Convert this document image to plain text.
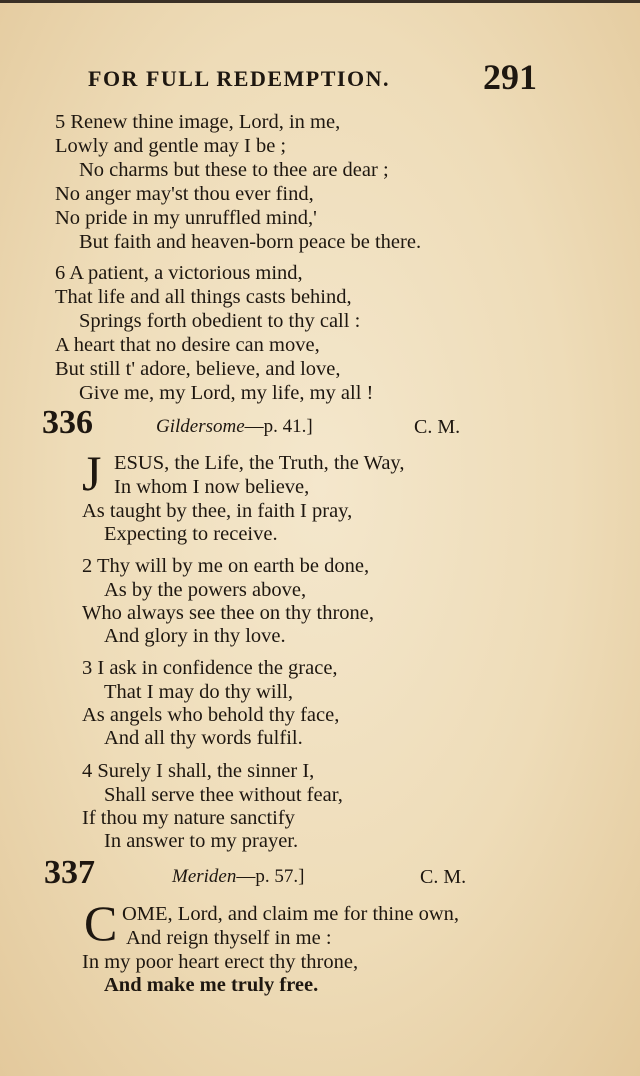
FOR FULL REDEMPTION.	291
5 Renew thine image, Lord, in me,
Lowly and gentle may I be ;
No charms but these to thee are dear ;
No anger may'st thou ever find,
No pride in my unruffled mind,'
But faith and heaven-born peace be there.
6 A patient, a victorious mind,
That life and all things casts behind,
Springs forth obedient to thy call :
A heart that no desire can move,
But still t' adore, believe, and love,
Give me, my Lord, my life, my all !
336	Gildersome—p. 41.]	C. M.
J ESUS, the Life, the Truth, the Way,
In whom I now believe,
As taught by thee, in faith I pray,
Expecting to receive.
2 Thy will by me on earth be done,
As by the powers above,
Who always see thee on thy throne,
And glory in thy love.
3 I ask in confidence the grace,
That I may do thy will,
As angels who behold thy face,
And all thy words fulfil.
4 Surely I shall, the sinner I,
Shall serve thee without fear,
If thou my nature sanctify
In answer to my prayer.
337	Meriden—p. 57.]	C. M.
C OME, Lord, and claim me for thine own,
And reign thyself in me :
In my poor heart erect thy throne,
And make me truly free.
